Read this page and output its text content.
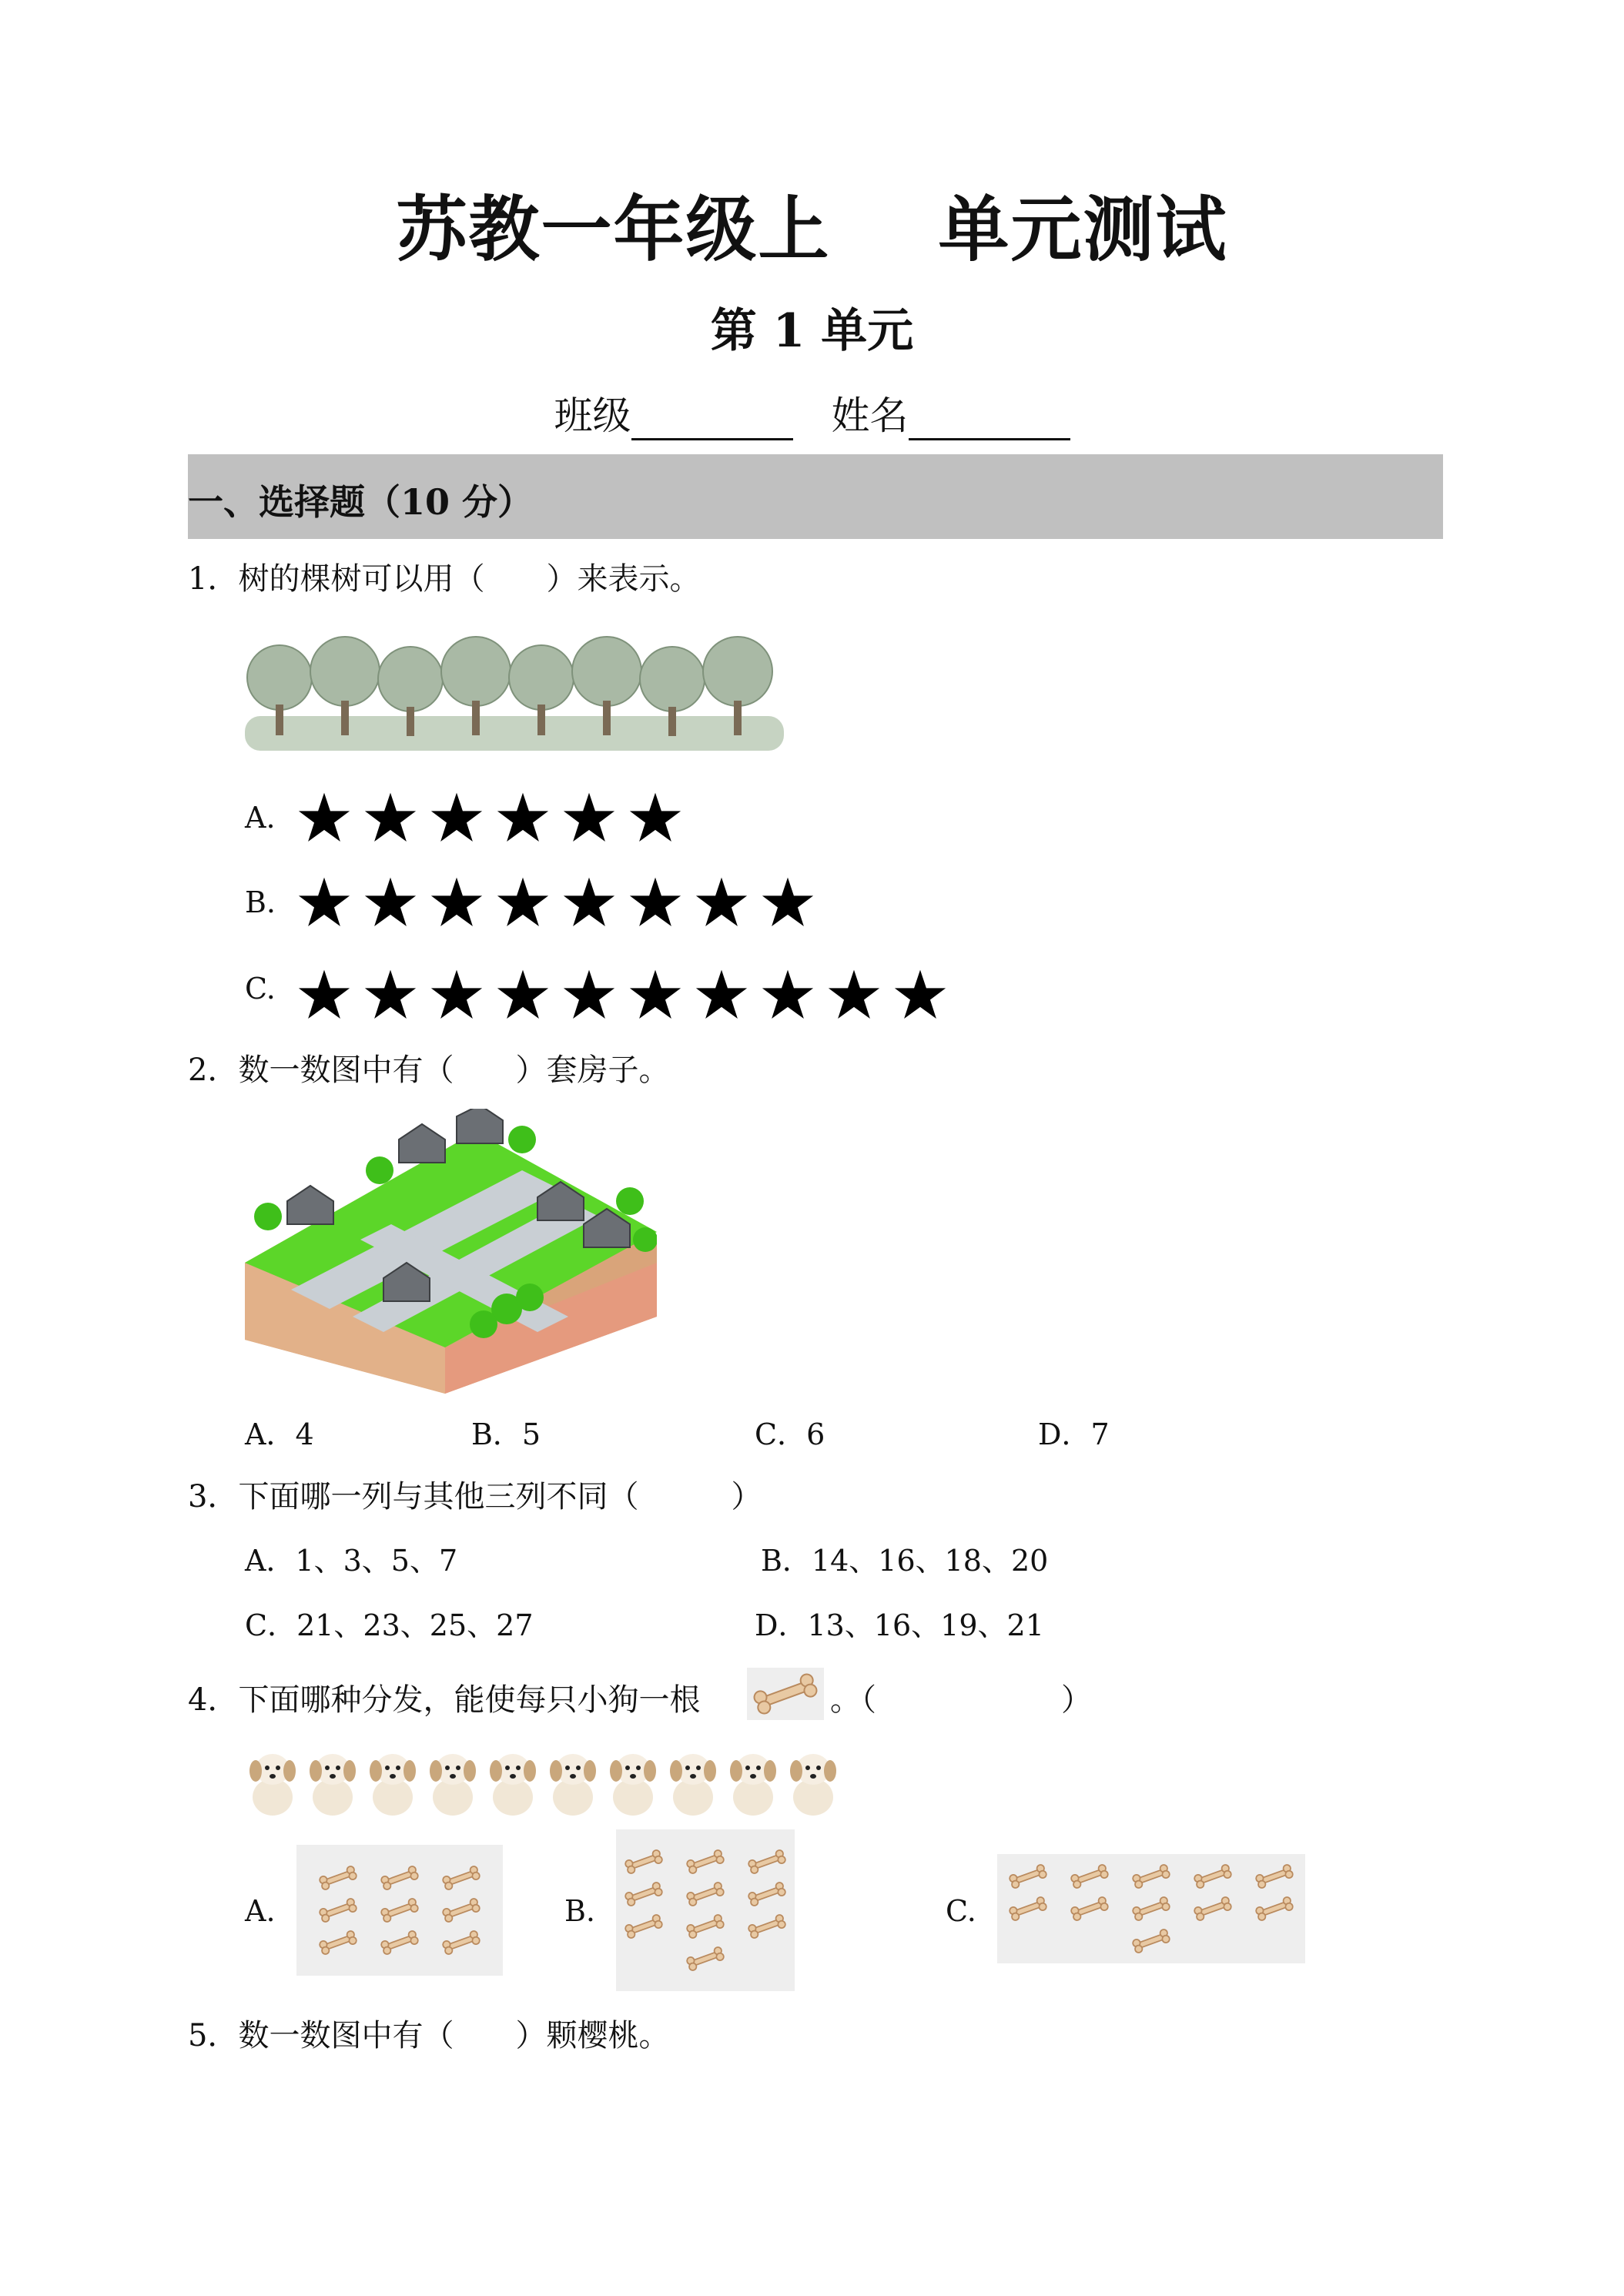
苏教一年级上 单元测试
第 1 单元
班级	姓名
一、选择题（10 分）
1．树的棵树可以用（　　）来表示。
A.
B.
C.
2．数一数图中有（　　）套房子。
A．4	B．5	C．6	D．7
3．下面哪一列与其他三列不同（　　　）
A．1、3、5、7	B．14、16、18、20
C．21、23、25、27	D．13、16、19、21
4．下面哪种分发，能使每只小狗一根	。（　　　　　　）
A.	B.	C.
5．数一数图中有（　　）颗樱桃。
